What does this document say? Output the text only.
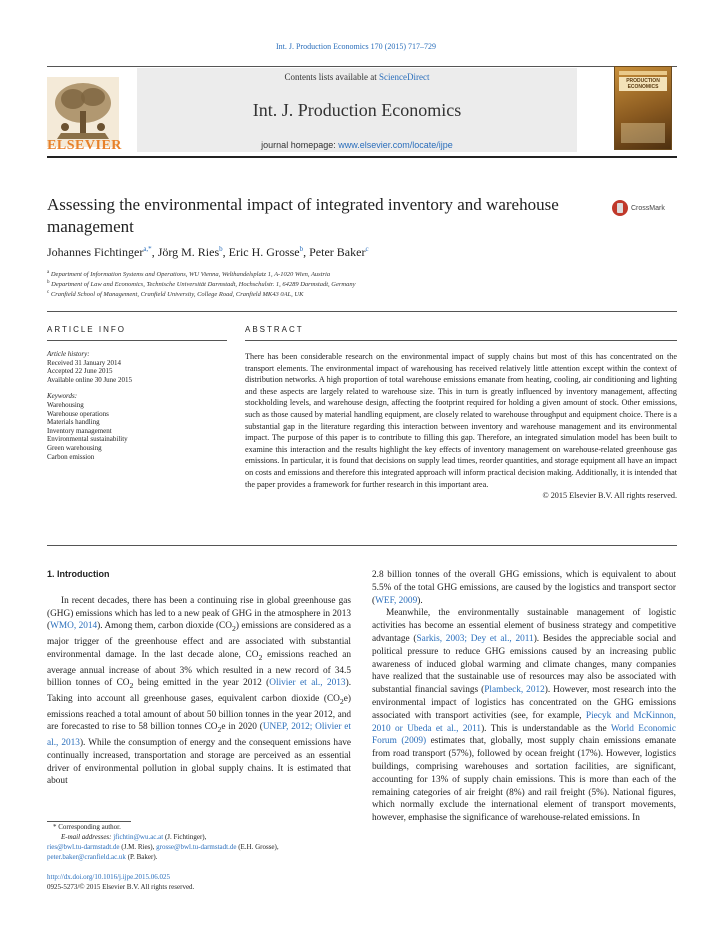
Int. J. Production Economics 170 (2015) 717–729
ELSEVIER
Contents lists available at ScienceDirect
Int. J. Production Economics
journal homepage: www.elsevier.com/locate/ijpe
PRODUCTION ECONOMICS
Assessing the environmental impact of integrated inventory and warehouse management
CrossMark
Johannes Fichtinger$^{a,*}$, Jörg M. Ries$^b$, Eric H. Grosse$^b$, Peter Baker$^c$
$^a$ Department of Information Systems and Operations, WU Vienna, Welthandelsplatz 1, A-1020 Wien, Austria
$^b$ Department of Law and Economics, Technische Universität Darmstadt, Hochschulstr. 1, 64289 Darmstadt, Germany
$^c$ Cranfield School of Management, Cranfield University, College Road, Cranfield MK43 0AL, UK
ARTICLE INFO	ABSTRACT
Article history:
Received 31 January 2014
Accepted 22 June 2015
Available online 30 June 2015
Keywords:
Warehousing
Warehouse operations
Materials handling
Inventory management
Environmental sustainability
Green warehousing
Carbon emission
There has been considerable research on the environmental impact of supply chains but most of this has concentrated on the transport elements. The environmental impact of warehousing has received relatively little attention except within the context of distribution networks. A high proportion of total warehouse emissions emanate from heating, cooling, air conditioning and lighting and these aspects are largely related to warehouse size. This in turn is greatly influenced by inventory management, affecting stockholding levels, and warehouse design, affecting the footprint required for holding a given amount of stock. Other emissions, such as those caused by material handling equipment, are closely related to warehouse throughput and equipment choice. There is a substantial gap in the literature regarding this interaction between inventory and warehouse management and its environmental impact. The purpose of this paper is to contribute to filling this gap. Therefore, an integrated simulation model has been built to examine this interaction and the results highlight the key effects of inventory management on warehouse-related greenhouse gas emissions. In particular, it is found that decisions on supply lead times, reorder quantities, and storage equipment all have an impact on costs and emissions and therefore this integrated approach will inform practical decision making. Additionally, it is intended that the paper provides a framework for further research in this important area.
© 2015 Elsevier B.V. All rights reserved.
1. Introduction

In recent decades, there has been a continuing rise in global greenhouse gas (GHG) emissions which has led to a new peak of GHG in the atmosphere in 2013 (WMO, 2014). Among them, carbon dioxide $(CO_2)$ emissions are considered as a major trigger of the greenhouse effect and are associated with substantial environmental damage. In the last decade alone, $CO_2$ emissions reached an average annual increase of about 3% which resulted in a new record of 34.5 billion tonnes of $CO_2$ being emitted in the year 2012 (Olivier et al., 2013). Taking into account all greenhouse gases, equivalent carbon dioxide $(CO_2e)$ emissions reached a total amount of about 50 billion tonnes in the year 2012, and are forecasted to rise to 58 billion tonnes $CO_2e$ in 2020 (UNEP, 2012; Olivier et al., 2013). While the consumption of energy and the consequent emissions have continually increased, transportation and storage are perceived as an essential driver of environmental pollution in global supply chains. It is estimated that about

2.8 billion tonnes of the overall GHG emissions, which is equivalent to about 5.5% of the total GHG emissions, are caused by the logistics and transport sector (WEF, 2009).

Meanwhile, the environmentally sustainable management of logistic activities has become an essential element of business strategy and competitive advantage (Sarkis, 2003; Dey et al., 2011). Besides the appreciable social and political pressure to reduce GHG emissions caused by an increasing public awareness of induced global warming and climate changes, many companies have realized that the sustainable use of resources may also be associated with substantial financial savings (Plambeck, 2012). However, most research into the environmental impact of logistics has concentrated on the GHG emissions associated with transport activities (see, for example, Piecyk and McKinnon, 2010 or Ubeda et al., 2011). This is understandable as the World Economic Forum (2009) estimates that, globally, most supply chain emissions emanate from road transport (57%), followed by ocean freight (17%). However, logistics buildings, comprising warehouses and sortation facilities, are significant, accounting for 13% of supply chain emissions. This is more than each of the remaining categories of air freight (8%) and rail freight (5%). National figures, which normally exclude the international element of transport movements, however, emphasise the significance of warehouse-related emissions. In

* Corresponding author.
E-mail addresses: jfichtin@wu.ac.at (J. Fichtinger),
ries@bwl.tu-darmstadt.de (J.M. Ries), grosse@bwl.tu-darmstadt.de (E.H. Grosse),
peter.baker@cranfield.ac.uk (P. Baker).
http://dx.doi.org/10.1016/j.ijpe.2015.06.025
0925-5273/© 2015 Elsevier B.V. All rights reserved.
